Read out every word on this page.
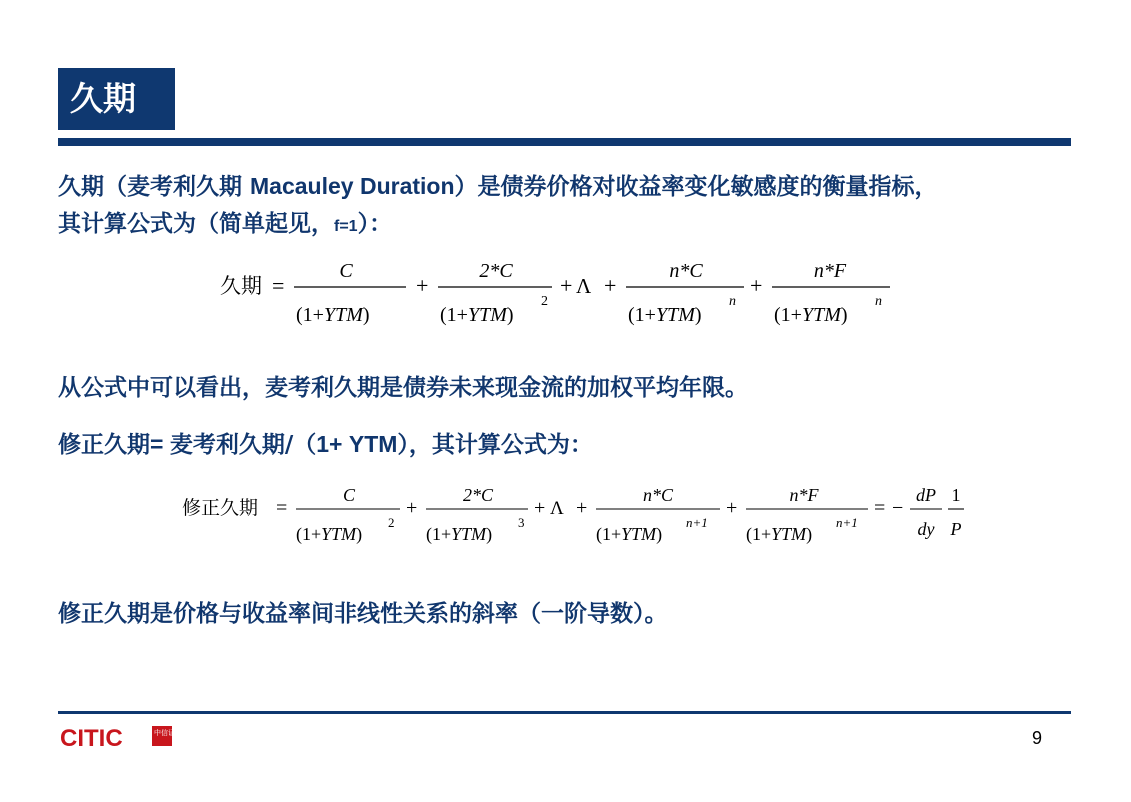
久期
久期（麦考利久期 Macauley Duration）是债券价格对收益率变化敏感度的衡量指标，
其计算公式为（简单起见，f=1）：
久期 =
C
(1+YTM)
+
2*C
(1+YTM)
2
+ Λ +
n*C
(1+YTM)
n
+
n*F
(1+YTM)
n
从公式中可以看出，麦考利久期是债券未来现金流的加权平均年限。
修正久期= 麦考利久期/（1+ YTM），其计算公式为：
修正久期 =
C
(1+YTM)
2
+
2*C
(1+YTM)
3
+ Λ +
n*C
(1+YTM)
n+1
+
n*F
(1+YTM)
n+1
= −
dP
dy
1
P
修正久期是价格与收益率间非线性关系的斜率（一阶导数）。
CITIC	中信证券	9
